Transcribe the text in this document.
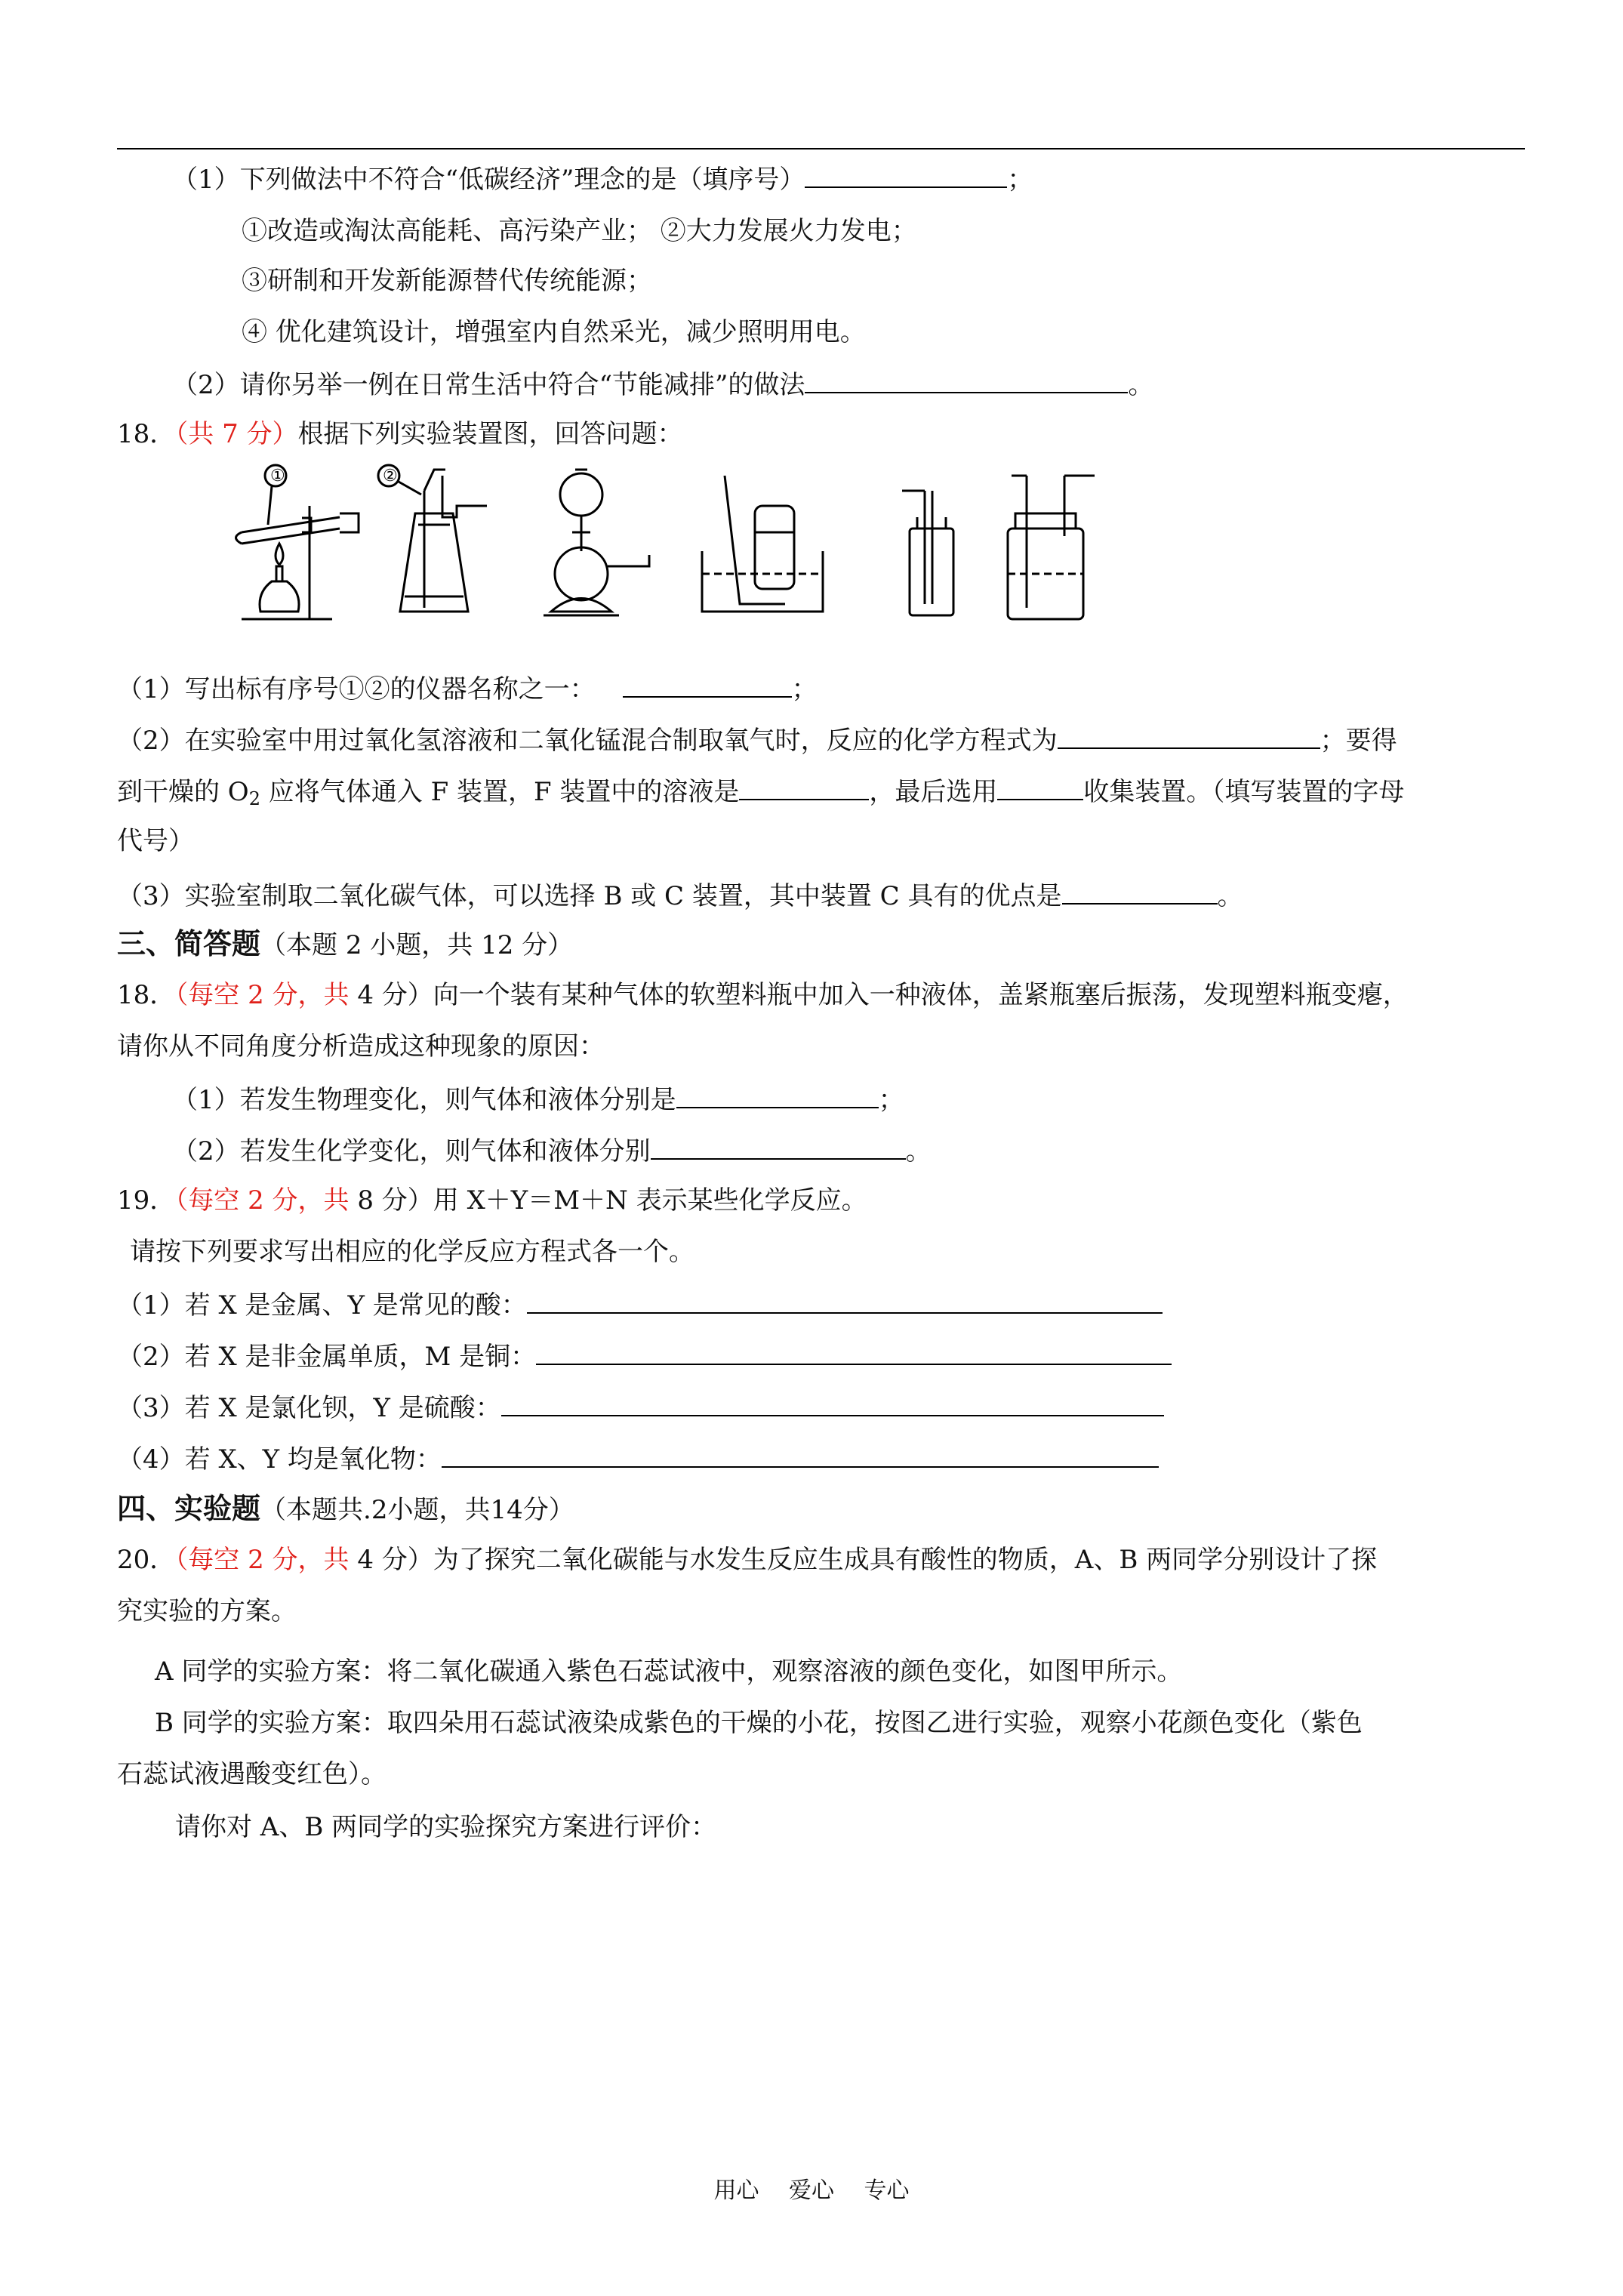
（1）下列做法中不符合“低碳经济”理念的是（填序号）	；
①改造或淘汰高能耗、高污染产业； ②大力发展火力发电；
③研制和开发新能源替代传统能源；
④ 优化建筑设计，增强室内自然采光，减少照明用电。
（2）请你另举一例在日常生活中符合“节能减排”的做法	。
18．（共 7 分）根据下列实验装置图，回答问题：
①	②
（1）写出标有序号①②的仪器名称之一：	；
（2）在实验室中用过氧化氢溶液和二氧化锰混合制取氧气时，反应的化学方程式为	；要得
到干燥的 $O_2$ 应将气体通入 F 装置，F 装置中的溶液是	，最后选用	收集装置。（填写装置的字母
代号）
（3）实验室制取二氧化碳气体，可以选择 B 或 C 装置，其中装置 C 具有的优点是	。
三、简答题（本题 2 小题，共 12 分）
18．（每空 2 分，共 4 分）向一个装有某种气体的软塑料瓶中加入一种液体，盖紧瓶塞后振荡，发现塑料瓶变瘪，
请你从不同角度分析造成这种现象的原因：
（1）若发生物理变化，则气体和液体分别是	；
（2）若发生化学变化，则气体和液体分别	。
19．（每空 2 分，共 8 分）用 X＋Y＝M＋N 表示某些化学反应。
请按下列要求写出相应的化学反应方程式各一个。
（1）若 X 是金属、Y 是常见的酸：
（2）若 X 是非金属单质，M 是铜：
（3）若 X 是氯化钡，Y 是硫酸：
（4）若 X、Y 均是氧化物：
四、实验题（本题共.2小题，共14分）
20．（每空 2 分，共 4 分）为了探究二氧化碳能与水发生反应生成具有酸性的物质，A、B 两同学分别设计了探
究实验的方案。
A 同学的实验方案：将二氧化碳通入紫色石蕊试液中，观察溶液的颜色变化，如图甲所示。
B 同学的实验方案：取四朵用石蕊试液染成紫色的干燥的小花，按图乙进行实验，观察小花颜色变化（紫色
石蕊试液遇酸变红色）。
请你对 A、B 两同学的实验探究方案进行评价：
用心 爱心 专心
